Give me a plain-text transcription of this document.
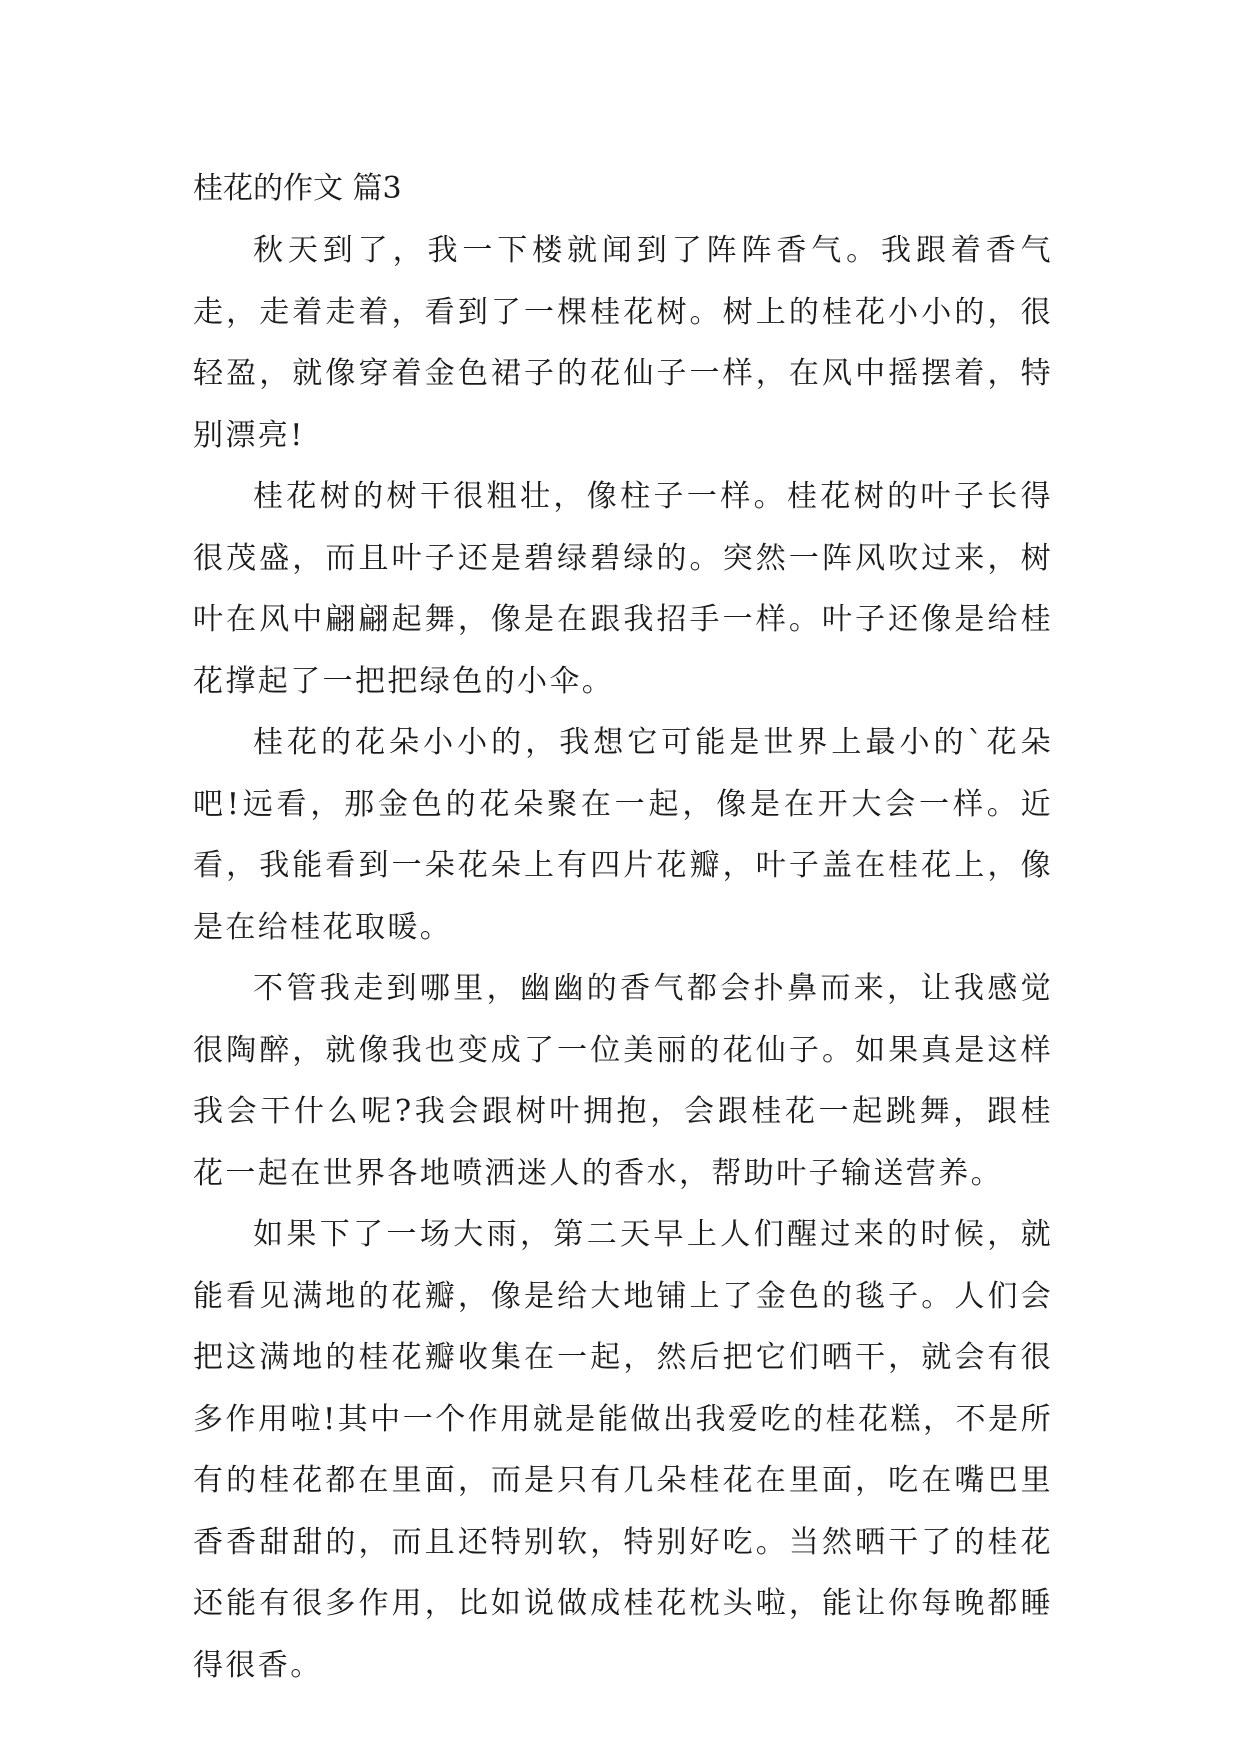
桂花的作文 篇3

秋天到了，我一下楼就闻到了阵阵香气。我跟着香气走，走着走着，看到了一棵桂花树。树上的桂花小小的，很轻盈，就像穿着金色裙子的花仙子一样，在风中摇摆着，特别漂亮!

桂花树的树干很粗壮，像柱子一样。桂花树的叶子长得很茂盛，而且叶子还是碧绿碧绿的。突然一阵风吹过来，树叶在风中翩翩起舞，像是在跟我招手一样。叶子还像是给桂花撑起了一把把绿色的小伞。

桂花的花朵小小的，我想它可能是世界上最小的`花朵吧!远看，那金色的花朵聚在一起，像是在开大会一样。近看，我能看到一朵花朵上有四片花瓣，叶子盖在桂花上，像是在给桂花取暖。

不管我走到哪里，幽幽的香气都会扑鼻而来，让我感觉很陶醉，就像我也变成了一位美丽的花仙子。如果真是这样我会干什么呢?我会跟树叶拥抱，会跟桂花一起跳舞，跟桂花一起在世界各地喷洒迷人的香水，帮助叶子输送营养。

如果下了一场大雨，第二天早上人们醒过来的时候，就能看见满地的花瓣，像是给大地铺上了金色的毯子。人们会把这满地的桂花瓣收集在一起，然后把它们晒干，就会有很多作用啦!其中一个作用就是能做出我爱吃的桂花糕，不是所有的桂花都在里面，而是只有几朵桂花在里面，吃在嘴巴里香香甜甜的，而且还特别软，特别好吃。当然晒干了的桂花还能有很多作用，比如说做成桂花枕头啦，能让你每晚都睡得很香。
